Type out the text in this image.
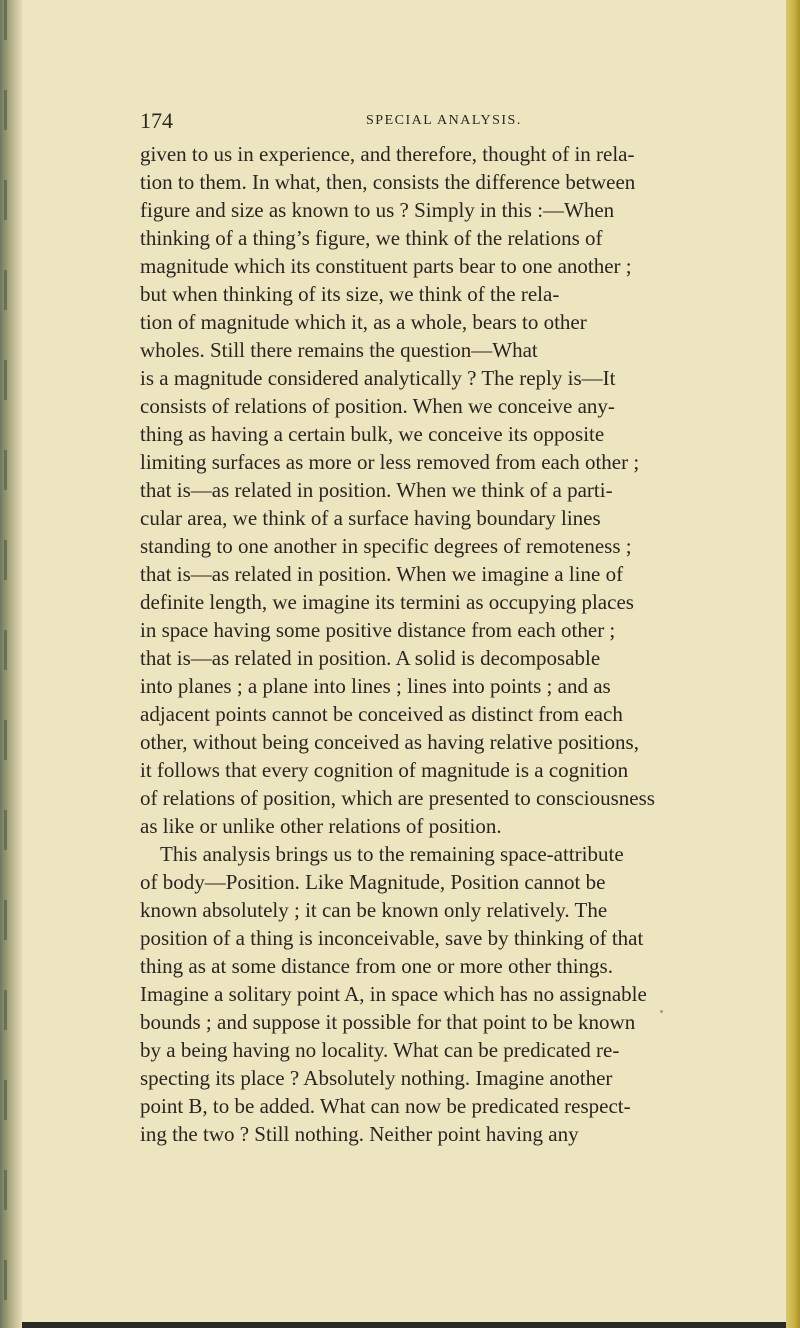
174	SPECIAL ANALYSIS.
given to us in experience, and therefore, thought of in rela-
tion to them. In what, then, consists the difference between
figure and size as known to us ? Simply in this :—When
thinking of a thing’s figure, we think of the relations of
magnitude which its constituent parts bear to one another ;
but when thinking of its size, we think of the rela-
tion of magnitude which it, as a whole, bears to other
wholes. Still there remains the question—What
is a magnitude considered analytically ? The reply is—It
consists of relations of position. When we conceive any-
thing as having a certain bulk, we conceive its opposite
limiting surfaces as more or less removed from each other ;
that is—as related in position. When we think of a parti-
cular area, we think of a surface having boundary lines
standing to one another in specific degrees of remoteness ;
that is—as related in position. When we imagine a line of
definite length, we imagine its termini as occupying places
in space having some positive distance from each other ;
that is—as related in position. A solid is decomposable
into planes ; a plane into lines ; lines into points ; and as
adjacent points cannot be conceived as distinct from each
other, without being conceived as having relative positions,
it follows that every cognition of magnitude is a cognition
of relations of position, which are presented to consciousness
as like or unlike other relations of position.
This analysis brings us to the remaining space-attribute
of body—Position. Like Magnitude, Position cannot be
known absolutely ; it can be known only relatively. The
position of a thing is inconceivable, save by thinking of that
thing as at some distance from one or more other things.
Imagine a solitary point A, in space which has no assignable
bounds ; and suppose it possible for that point to be known
by a being having no locality. What can be predicated re-
specting its place ? Absolutely nothing. Imagine another
point B, to be added. What can now be predicated respect-
ing the two ? Still nothing. Neither point having any
